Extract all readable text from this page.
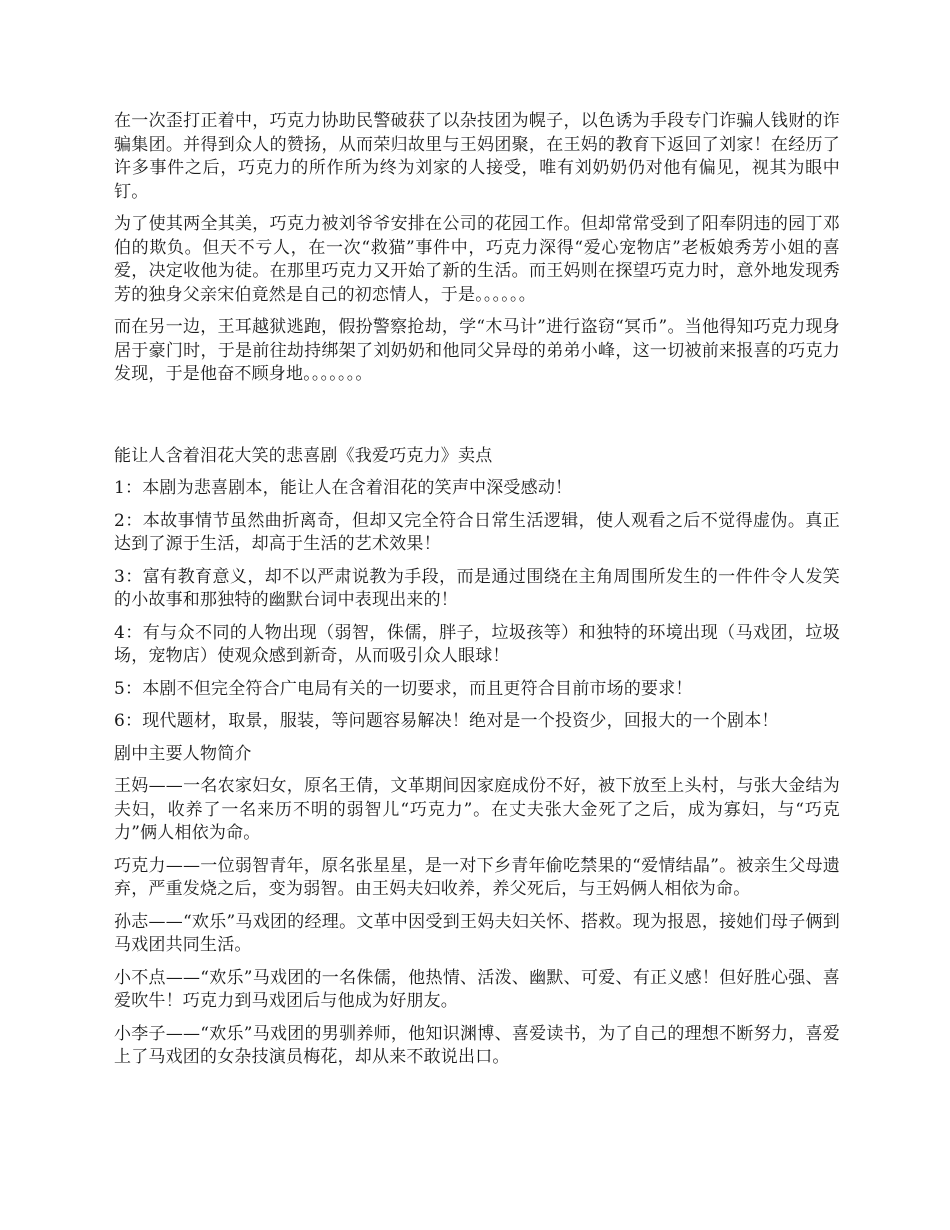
在一次歪打正着中，巧克力协助民警破获了以杂技团为幌子，以色诱为手段专门诈骗人钱财的诈骗集团。并得到众人的赞扬，从而荣归故里与王妈团聚，在王妈的教育下返回了刘家！在经历了许多事件之后，巧克力的所作所为终为刘家的人接受，唯有刘奶奶仍对他有偏见，视其为眼中钉。

为了使其两全其美，巧克力被刘爷爷安排在公司的花园工作。但却常常受到了阳奉阴违的园丁邓伯的欺负。但天不亏人，在一次“救猫”事件中，巧克力深得“爱心宠物店”老板娘秀芳小姐的喜爱，决定收他为徒。在那里巧克力又开始了新的生活。而王妈则在探望巧克力时，意外地发现秀芳的独身父亲宋伯竟然是自己的初恋情人，于是。。。。。。

而在另一边，王耳越狱逃跑，假扮警察抢劫，学“木马计”进行盗窃“冥币”。当他得知巧克力现身居于豪门时，于是前往劫持绑架了刘奶奶和他同父异母的弟弟小峰，这一切被前来报喜的巧克力发现，于是他奋不顾身地。。。。。。。

能让人含着泪花大笑的悲喜剧《我爱巧克力》卖点

1：本剧为悲喜剧本，能让人在含着泪花的笑声中深受感动！

2：本故事情节虽然曲折离奇，但却又完全符合日常生活逻辑，使人观看之后不觉得虚伪。真正达到了源于生活，却高于生活的艺术效果！

3：富有教育意义，却不以严肃说教为手段，而是通过围绕在主角周围所发生的一件件令人发笑的小故事和那独特的幽默台词中表现出来的！

4：有与众不同的人物出现（弱智，侏儒，胖子，垃圾孩等）和独特的环境出现（马戏团，垃圾场，宠物店）使观众感到新奇，从而吸引众人眼球！

5：本剧不但完全符合广电局有关的一切要求，而且更符合目前市场的要求！

6：现代题材，取景，服装，等问题容易解决！绝对是一个投资少，回报大的一个剧本！

剧中主要人物简介

王妈——一名农家妇女，原名王倩，文革期间因家庭成份不好，被下放至上头村，与张大金结为夫妇，收养了一名来历不明的弱智儿“巧克力”。在丈夫张大金死了之后，成为寡妇，与“巧克力”俩人相依为命。

巧克力——一位弱智青年，原名张星星，是一对下乡青年偷吃禁果的“爱情结晶”。被亲生父母遗弃，严重发烧之后，变为弱智。由王妈夫妇收养，养父死后，与王妈俩人相依为命。

孙志——“欢乐”马戏团的经理。文革中因受到王妈夫妇关怀、搭救。现为报恩，接她们母子俩到马戏团共同生活。

小不点——“欢乐”马戏团的一名侏儒，他热情、活泼、幽默、可爱、有正义感！但好胜心强、喜爱吹牛！巧克力到马戏团后与他成为好朋友。

小李子——“欢乐”马戏团的男驯养师，他知识渊博、喜爱读书，为了自己的理想不断努力，喜爱上了马戏团的女杂技演员梅花，却从来不敢说出口。
